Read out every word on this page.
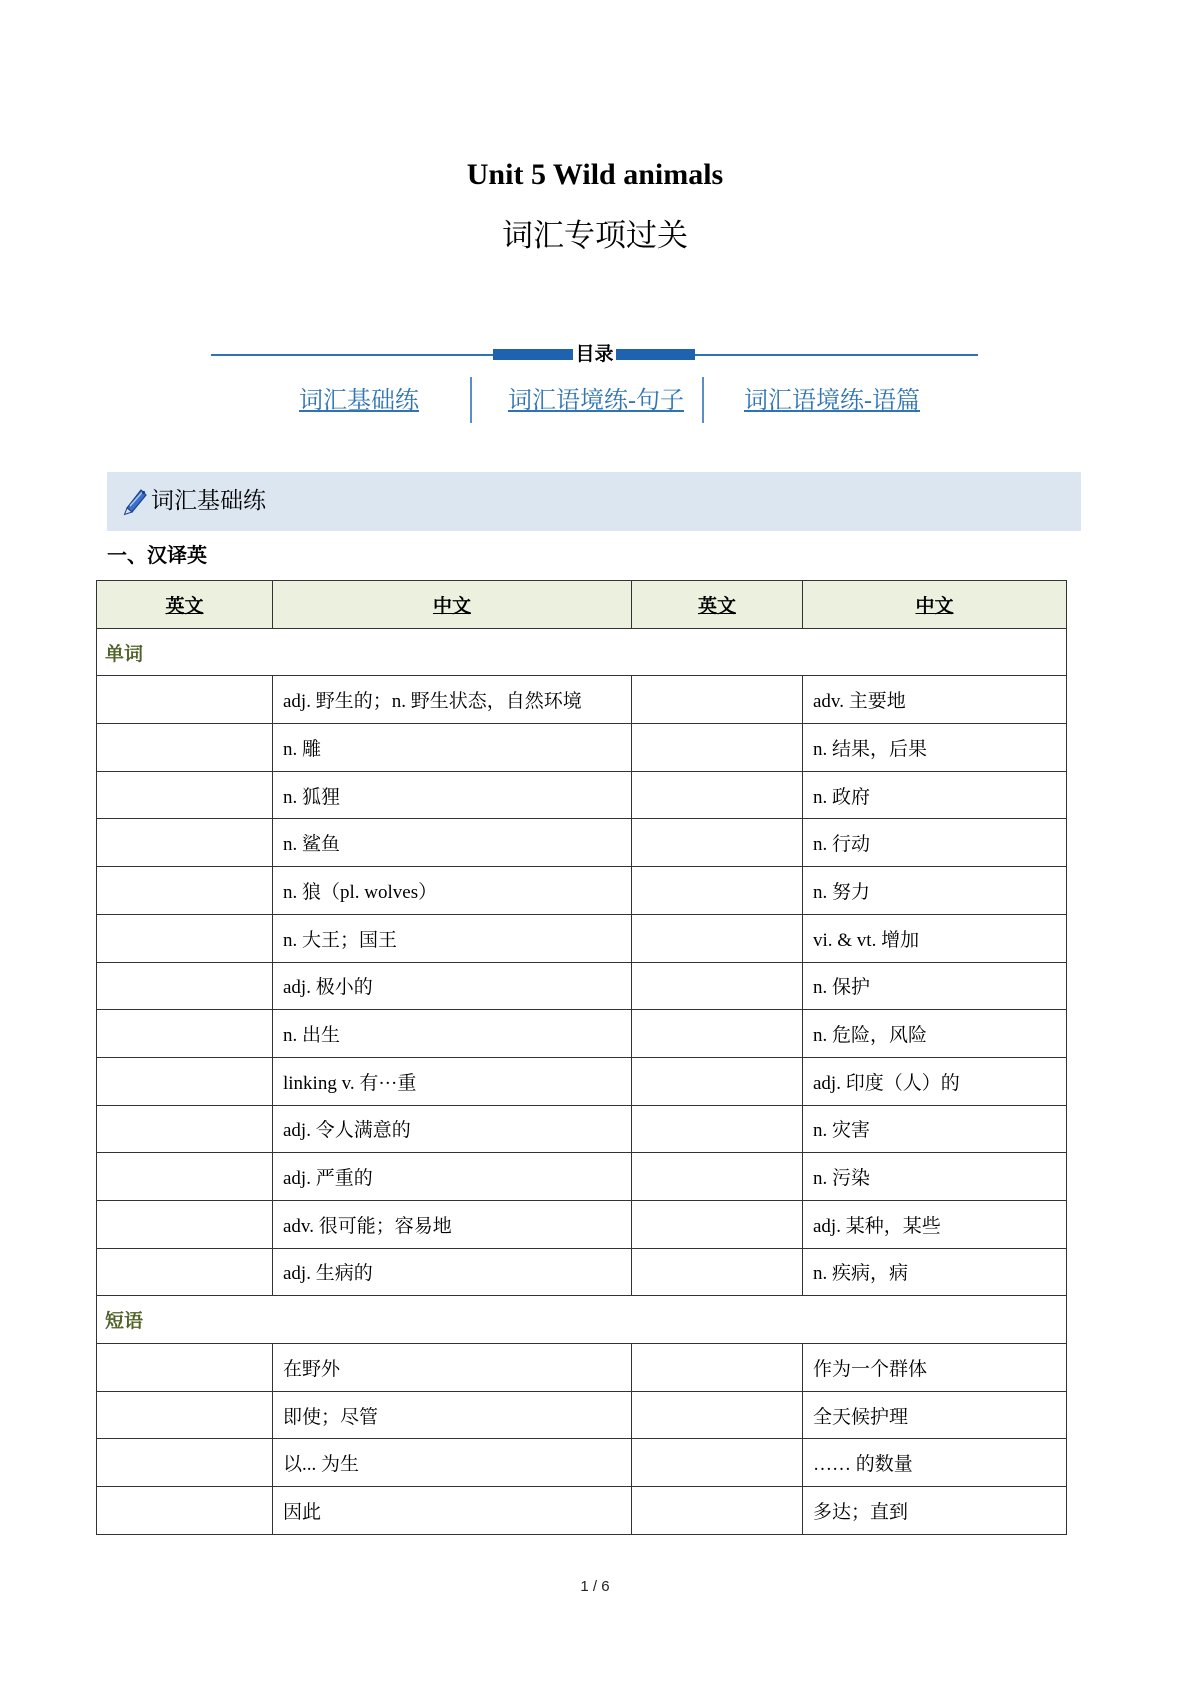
Unit 5 Wild animals
词汇专项过关
目录
词汇基础练	词汇语境练-句子	词汇语境练-语篇
词汇基础练
一、汉译英
英文	中文	英文	中文
单词			
	adj. 野生的；n. 野生状态，自然环境		adv. 主要地
	n. 雕		n. 结果，后果
	n. 狐狸		n. 政府
	n. 鲨鱼		n. 行动
	n. 狼（pl. wolves）		n. 努力
	n. 大王；国王		vi. & vt. 增加
	adj. 极小的		n. 保护
	n. 出生		n. 危险，风险
	linking v. 有···重		adj. 印度（人）的
	adj. 令人满意的		n. 灾害
	adj. 严重的		n. 污染
	adv. 很可能；容易地		adj. 某种，某些
	adj. 生病的		n. 疾病，病
短语			
	在野外		作为一个群体
	即使；尽管		全天候护理
	以... 为生		…… 的数量
	因此		多达；直到
1 / 6
